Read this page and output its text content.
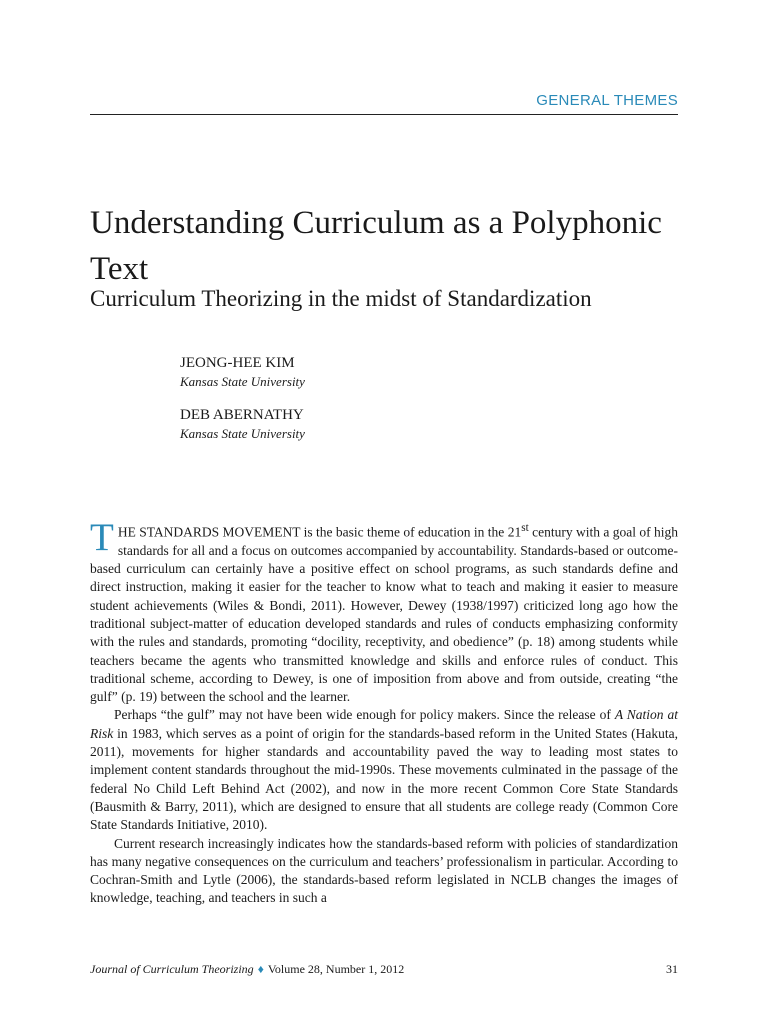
GENERAL THEMES
Understanding Curriculum as a Polyphonic Text
Curriculum Theorizing in the midst of Standardization
JEONG-HEE KIM
Kansas State University
DEB ABERNATHY
Kansas State University

THE STANDARDS MOVEMENT is the basic theme of education in the 21st century with a goal of high standards for all and a focus on outcomes accompanied by accountability. Standards-based or outcome-based curriculum can certainly have a positive effect on school programs, as such standards define and direct instruction, making it easier for the teacher to know what to teach and making it easier to measure student achievements (Wiles & Bondi, 2011). However, Dewey (1938/1997) criticized long ago how the traditional subject-matter of education developed standards and rules of conducts emphasizing conformity with the rules and standards, promoting “docility, receptivity, and obedience” (p. 18) among students while teachers became the agents who transmitted knowledge and skills and enforce rules of conduct. This traditional scheme, according to Dewey, is one of imposition from above and from outside, creating “the gulf” (p. 19) between the school and the learner.

Perhaps “the gulf” may not have been wide enough for policy makers. Since the release of A Nation at Risk in 1983, which serves as a point of origin for the standards-based reform in the United States (Hakuta, 2011), movements for higher standards and accountability paved the way to leading most states to implement content standards throughout the mid-1990s. These movements culminated in the passage of the federal No Child Left Behind Act (2002), and now in the more recent Common Core State Standards (Bausmith & Barry, 2011), which are designed to ensure that all students are college ready (Common Core State Standards Initiative, 2010).

Current research increasingly indicates how the standards-based reform with policies of standardization has many negative consequences on the curriculum and teachers’ professionalism in particular. According to Cochran-Smith and Lytle (2006), the standards-based reform legislated in NCLB changes the images of knowledge, teaching, and teachers in such a

Journal of Curriculum Theorizing ♦ Volume 28, Number 1, 2012	31
